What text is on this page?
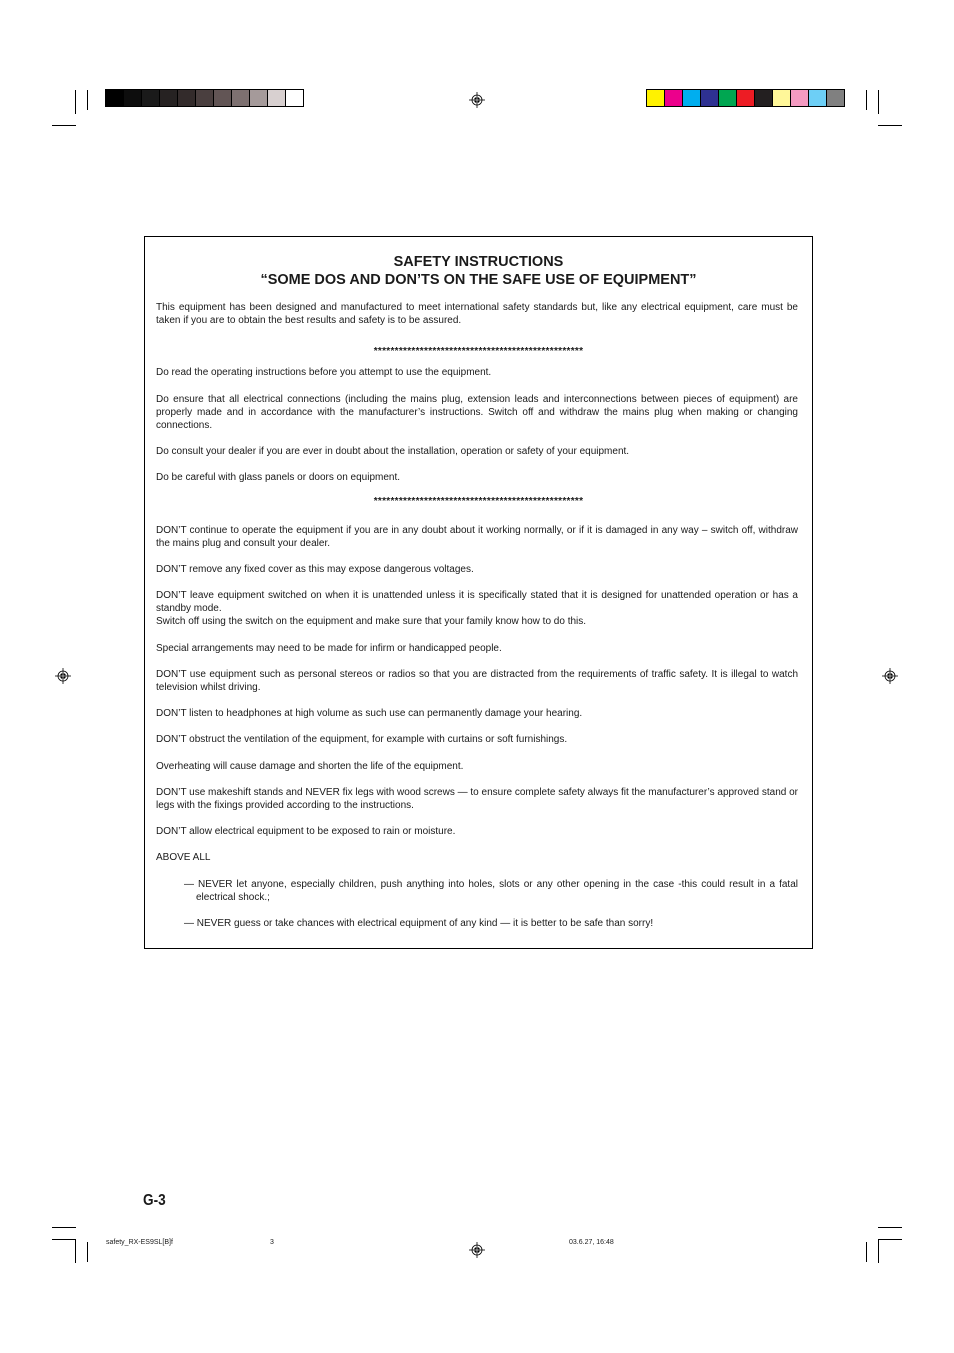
SAFETY INSTRUCTIONS
“SOME DOS AND DON’TS ON THE SAFE USE OF EQUIPMENT”
This equipment has been designed and manufactured to meet international safety standards but, like any electrical equipment, care must be taken if you are to obtain the best results and safety is to be assured.
**************************************************
Do read the operating instructions before you attempt to use the equipment.
Do ensure that all electrical connections (including the mains plug, extension leads and interconnections between pieces of equipment) are properly made and in accordance with the manufacturer’s instructions. Switch off and withdraw the mains plug when making or changing connections.
Do consult your dealer if you are ever in doubt about the installation, operation or safety of your equipment.
Do be careful with glass panels or doors on equipment.
**************************************************
DON’T continue to operate the equipment if you are in any doubt about it working normally, or if it is damaged in any way – switch off, withdraw the mains plug and consult your dealer.
DON’T remove any fixed cover as this may expose dangerous voltages.
DON’T leave equipment switched on when it is unattended unless it is specifically stated that it is designed for unattended operation or has a standby mode.
Switch off using the switch on the equipment and make sure that your family know how to do this.
Special arrangements may need to be made for infirm or handicapped people.
DON’T use equipment such as personal stereos or radios so that you are distracted from the requirements of traffic safety. It is illegal to watch television whilst driving.
DON’T listen to headphones at high volume as such use can permanently damage your hearing.
DON’T obstruct the ventilation of the equipment, for example with curtains or soft furnishings.
Overheating will cause damage and shorten the life of the equipment.
DON’T use makeshift stands and NEVER fix legs with wood screws — to ensure complete safety always fit the manufacturer’s approved stand or legs with the fixings provided according to the instructions.
DON’T allow electrical equipment to be exposed to rain or moisture.
ABOVE ALL
— NEVER let anyone, especially children, push anything into holes, slots or any other opening in the case -this could result in a fatal electrical shock.;
— NEVER guess or take chances with electrical equipment of any kind — it is better to be safe than sorry!
G-3
safety_RX-ES9SL[B]f	3	03.6.27, 16:48
